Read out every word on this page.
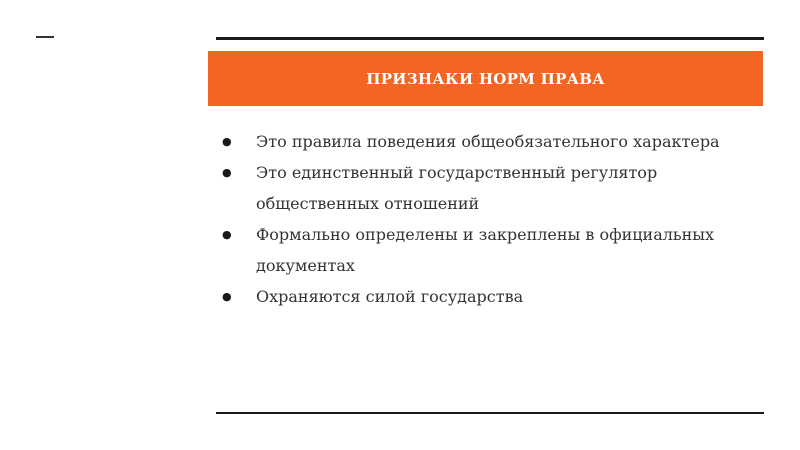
ПРИЗНАКИ НОРМ ПРАВА
●	Это правила поведения общеобязательного характера
●	Это единственный государственный регулятор общественных отношений
●	Формально определены и закреплены в официальных документах
●	Охраняются силой государства
